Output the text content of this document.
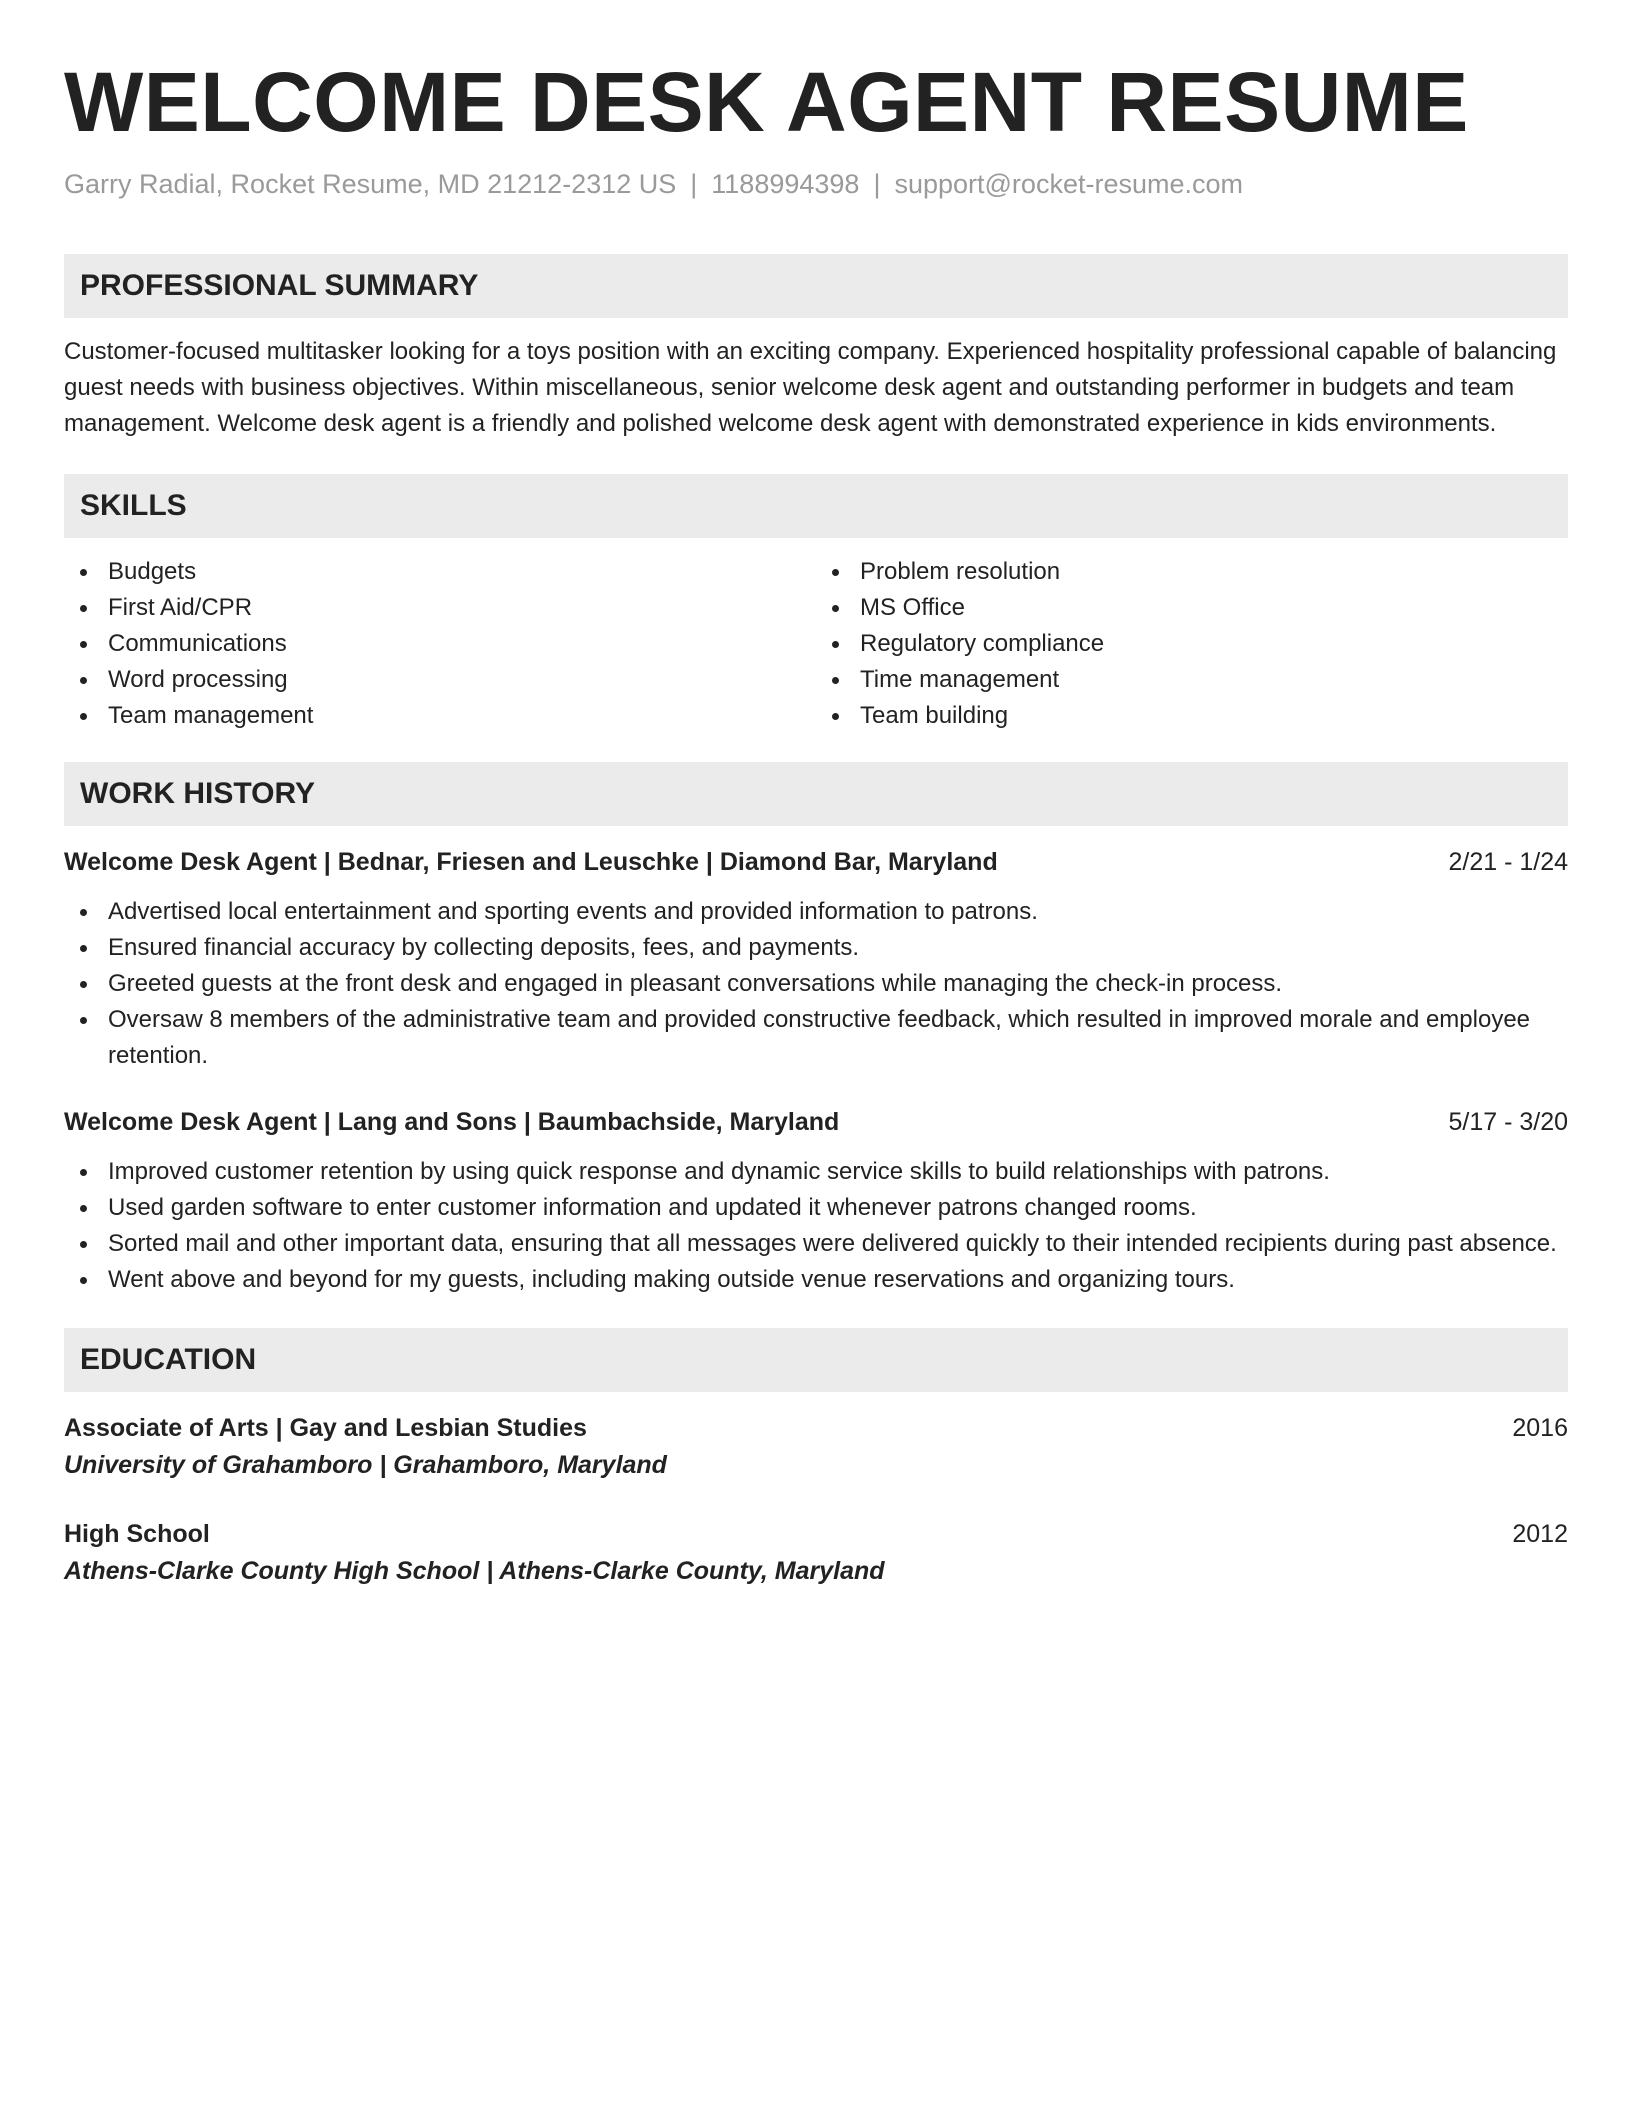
WELCOME DESK AGENT RESUME
Garry Radial, Rocket Resume, MD 21212-2312 US | 1188994398 | support@rocket-resume.com
PROFESSIONAL SUMMARY
Customer-focused multitasker looking for a toys position with an exciting company. Experienced hospitality professional capable of balancing guest needs with business objectives. Within miscellaneous, senior welcome desk agent and outstanding performer in budgets and team management. Welcome desk agent is a friendly and polished welcome desk agent with demonstrated experience in kids environments.
SKILLS
Budgets
First Aid/CPR
Communications
Word processing
Team management
Problem resolution
MS Office
Regulatory compliance
Time management
Team building
WORK HISTORY
Welcome Desk Agent | Bednar, Friesen and Leuschke | Diamond Bar, Maryland	2/21 - 1/24
Advertised local entertainment and sporting events and provided information to patrons.
Ensured financial accuracy by collecting deposits, fees, and payments.
Greeted guests at the front desk and engaged in pleasant conversations while managing the check-in process.
Oversaw 8 members of the administrative team and provided constructive feedback, which resulted in improved morale and employee retention.
Welcome Desk Agent | Lang and Sons | Baumbachside, Maryland	5/17 - 3/20
Improved customer retention by using quick response and dynamic service skills to build relationships with patrons.
Used garden software to enter customer information and updated it whenever patrons changed rooms.
Sorted mail and other important data, ensuring that all messages were delivered quickly to their intended recipients during past absence.
Went above and beyond for my guests, including making outside venue reservations and organizing tours.
EDUCATION
Associate of Arts | Gay and Lesbian Studies	2016
University of Grahamboro | Grahamboro, Maryland
High School	2012
Athens-Clarke County High School | Athens-Clarke County, Maryland
